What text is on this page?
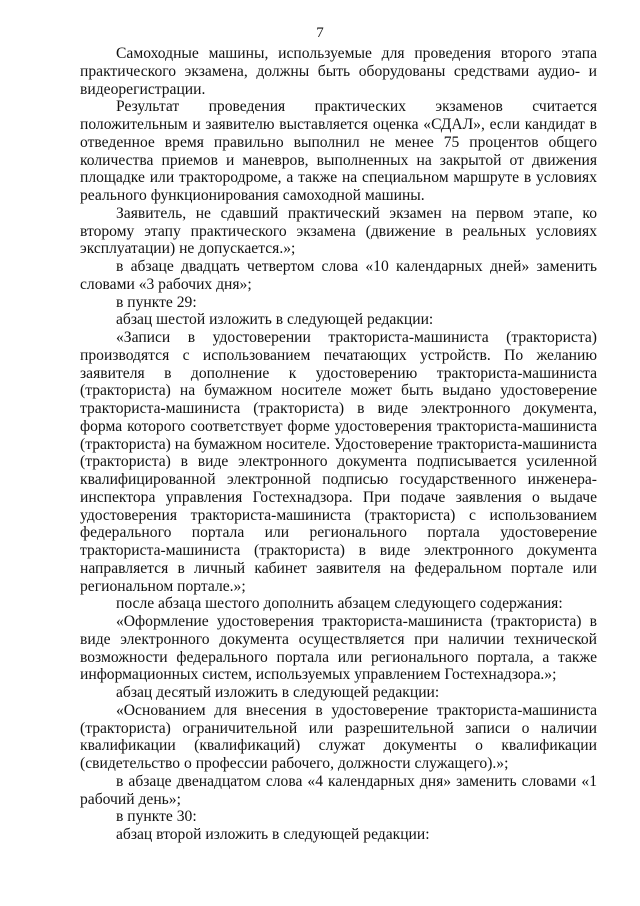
7

Самоходные машины, используемые для проведения второго этапа практического экзамена, должны быть оборудованы средствами аудио- и видеорегистрации.

Результат проведения практических экзаменов считается положительным и заявителю выставляется оценка «СДАЛ», если кандидат в отведенное время правильно выполнил не менее 75 процентов общего количества приемов и маневров, выполненных на закрытой от движения площадке или трактородроме, а также на специальном маршруте в условиях реального функционирования самоходной машины.

Заявитель, не сдавший практический экзамен на первом этапе, ко второму этапу практического экзамена (движение в реальных условиях эксплуатации) не допускается.»;

в абзаце двадцать четвертом слова «10 календарных дней» заменить словами «3 рабочих дня»;

в пункте 29:

абзац шестой изложить в следующей редакции:

«Записи в удостоверении тракториста-машиниста (тракториста) производятся с использованием печатающих устройств. По желанию заявителя в дополнение к удостоверению тракториста-машиниста (тракториста) на бумажном носителе может быть выдано удостоверение тракториста-машиниста (тракториста) в виде электронного документа, форма которого соответствует форме удостоверения тракториста-машиниста (тракториста) на бумажном носителе. Удостоверение тракториста-машиниста (тракториста) в виде электронного документа подписывается усиленной квалифицированной электронной подписью государственного инженера-инспектора управления Гостехнадзора. При подаче заявления о выдаче удостоверения тракториста-машиниста (тракториста) с использованием федерального портала или регионального портала удостоверение тракториста-машиниста (тракториста) в виде электронного документа направляется в личный кабинет заявителя на федеральном портале или региональном портале.»;

после абзаца шестого дополнить абзацем следующего содержания:

«Оформление удостоверения тракториста-машиниста (тракториста) в виде электронного документа осуществляется при наличии технической возможности федерального портала или регионального портала, а также информационных систем, используемых управлением Гостехнадзора.»;

абзац десятый изложить в следующей редакции:

«Основанием для внесения в удостоверение тракториста-машиниста (тракториста) ограничительной или разрешительной записи о наличии квалификации (квалификаций) служат документы о квалификации (свидетельство о профессии рабочего, должности служащего).»;

в абзаце двенадцатом слова «4 календарных дня» заменить словами «1 рабочий день»;

в пункте 30:

абзац второй изложить в следующей редакции:
